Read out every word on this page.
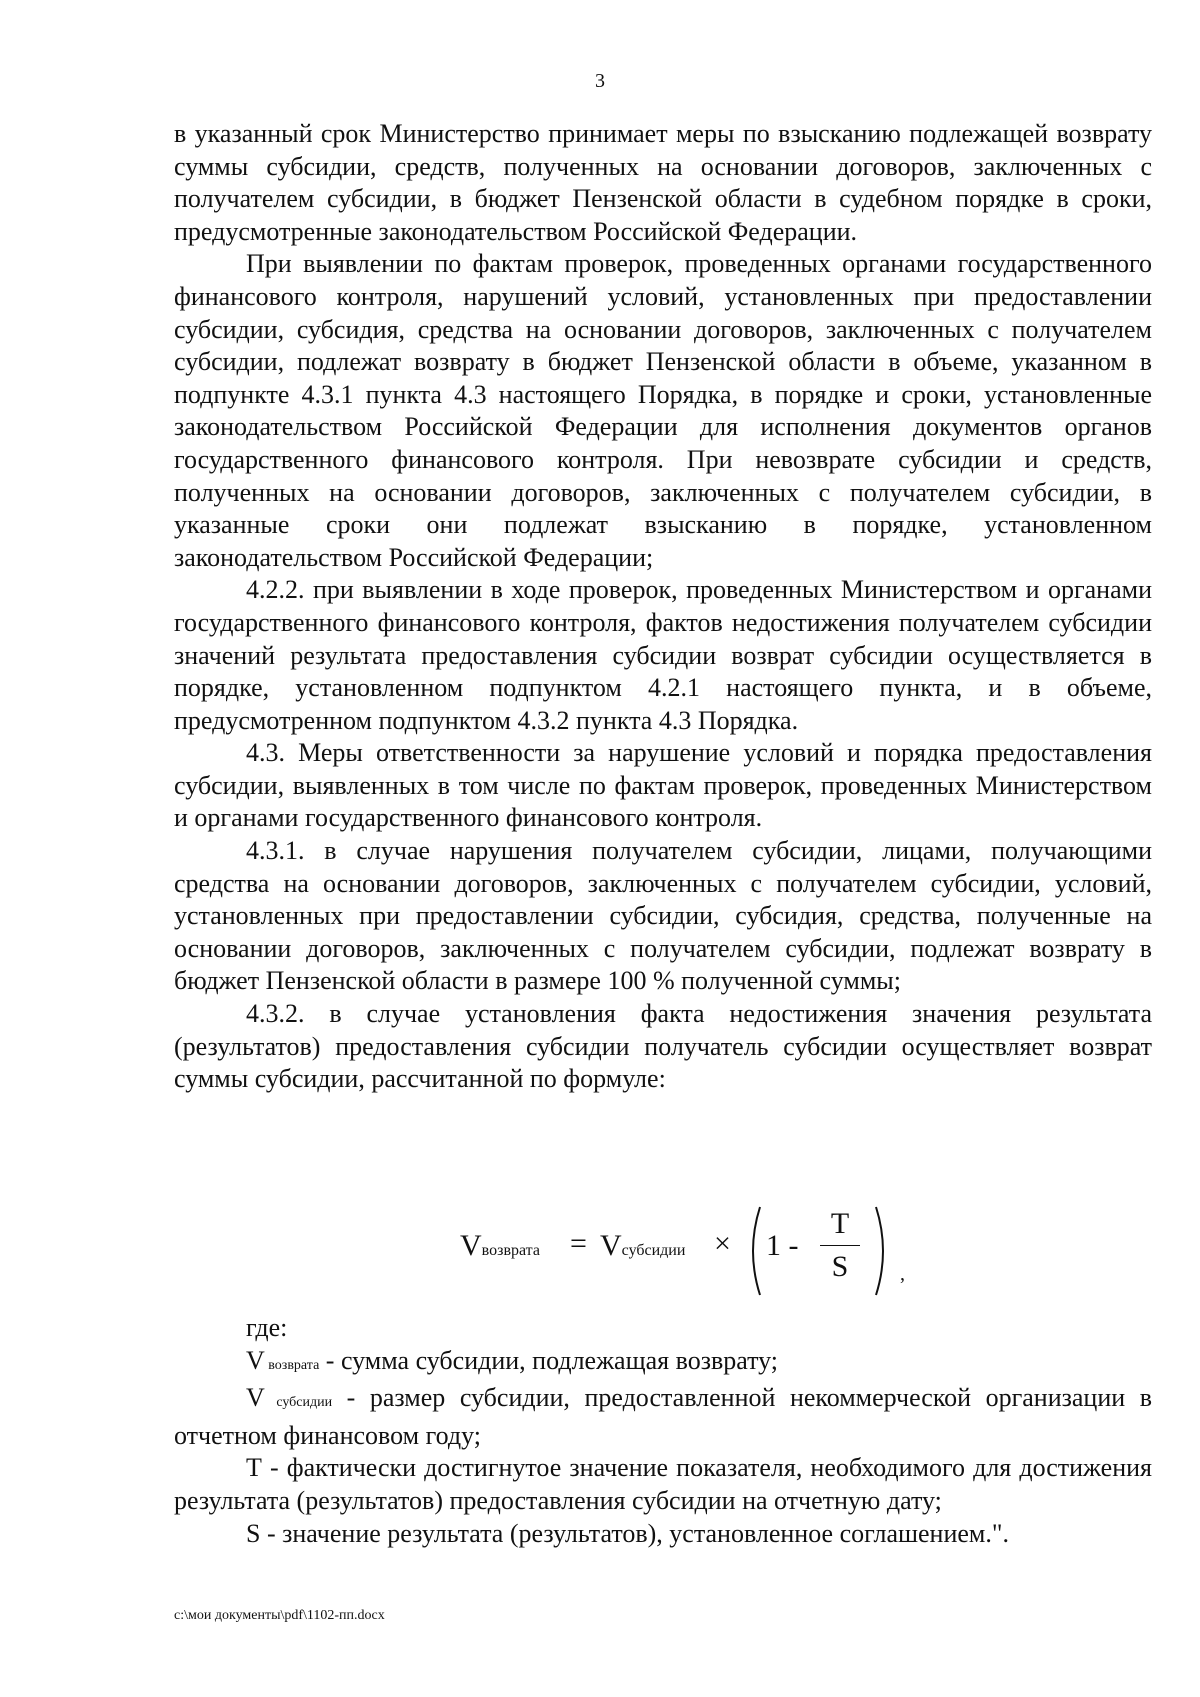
3

в указанный срок Министерство принимает меры по взысканию подлежащей возврату суммы субсидии, средств, полученных на основании договоров, заключенных с получателем субсидии, в бюджет Пензенской области в судебном порядке в сроки, предусмотренные законодательством Российской Федерации.

При выявлении по фактам проверок, проведенных органами государственного финансового контроля, нарушений условий, установленных при предоставлении субсидии, субсидия, средства на основании договоров, заключенных с получателем субсидии, подлежат возврату в бюджет Пензенской области в объеме, указанном в подпункте 4.3.1 пункта 4.3 настоящего Порядка, в порядке и сроки, установленные законодательством Российской Федерации для исполнения документов органов государственного финансового контроля. При невозврате субсидии и средств, полученных на основании договоров, заключенных с получателем субсидии, в указанные сроки они подлежат взысканию в порядке, установленном законодательством Российской Федерации;

4.2.2. при выявлении в ходе проверок, проведенных Министерством и органами государственного финансового контроля, фактов недостижения получателем субсидии значений результата предоставления субсидии возврат субсидии осуществляется в порядке, установленном подпунктом 4.2.1 настоящего пункта, и в объеме, предусмотренном подпунктом 4.3.2 пункта 4.3 Порядка.

4.3. Меры ответственности за нарушение условий и порядка предоставления субсидии, выявленных в том числе по фактам проверок, проведенных Министерством и органами государственного финансового контроля.

4.3.1. в случае нарушения получателем субсидии, лицами, получающими средства на основании договоров, заключенных с получателем субсидии, условий, установленных при предоставлении субсидии, субсидия, средства, полученные на основании договоров, заключенных с получателем субсидии, подлежат возврату в бюджет Пензенской области в размере 100 % полученной суммы;

4.3.2. в случае установления факта недостижения значения результата (результатов) предоставления субсидии получатель субсидии осуществляет возврат суммы субсидии, рассчитанной по формуле:

Vвозврата = Vсубсидии × 1 -
T
S	,

где:

V возврата - сумма субсидии, подлежащая возврату;

V субсидии - размер субсидии, предоставленной некоммерческой организации в отчетном финансовом году;

Т - фактически достигнутое значение показателя, необходимого для достижения результата (результатов) предоставления субсидии на отчетную дату;

S - значение результата (результатов), установленное соглашением.".

c:\мои документы\pdf\1102-пп.docx
